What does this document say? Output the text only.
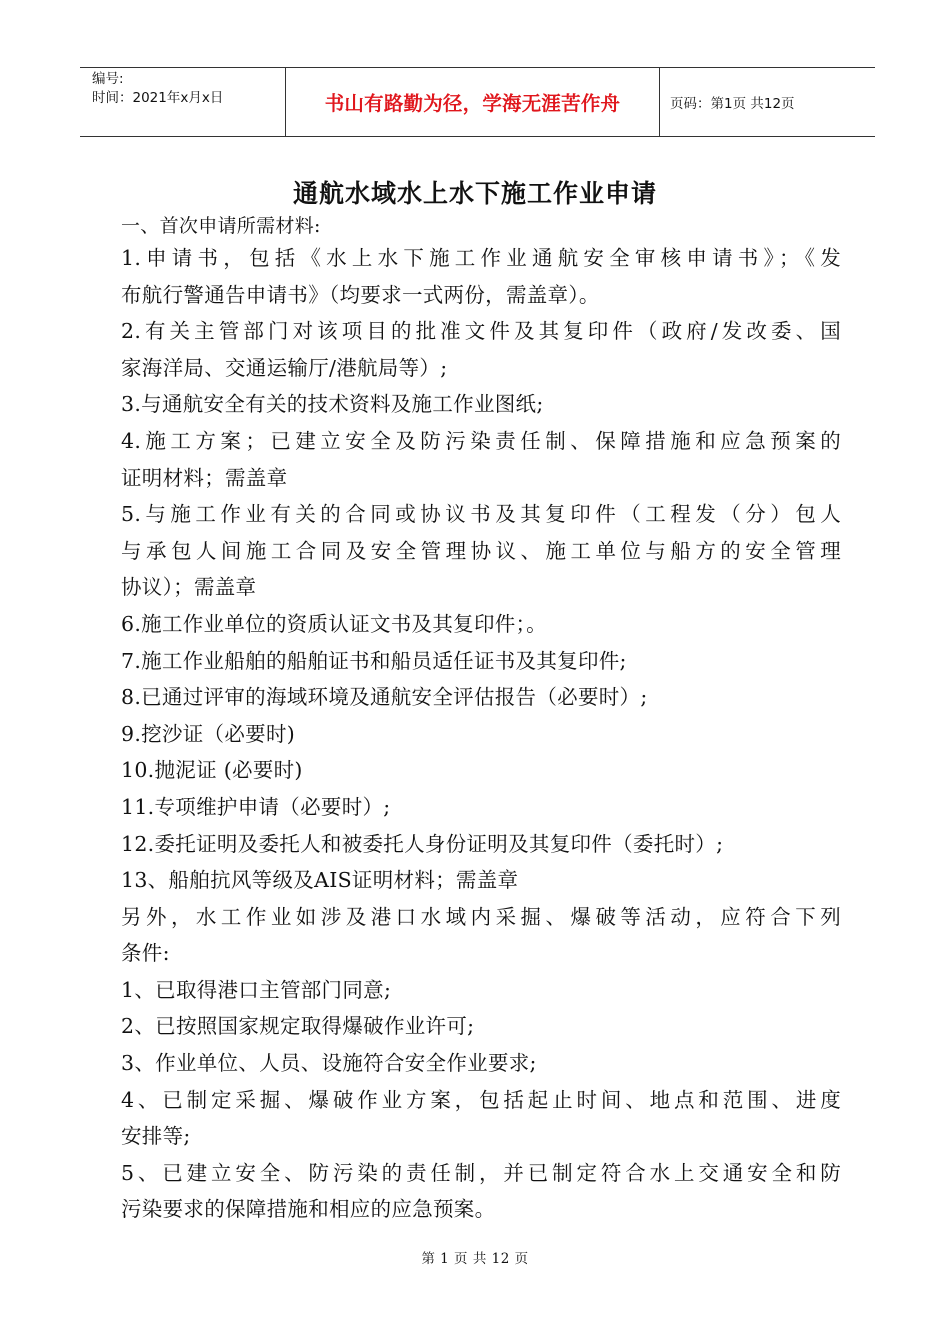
编号:
时间：2021年x月x日	书山有路勤为径，学海无涯苦作舟	页码：第1页 共12页
通航水域水上水下施工作业申请
一、首次申请所需材料:
1.申请书，包括《水上水下施工作业通航安全审核申请书》；《发
布航行警通告申请书》（均要求一式两份，需盖章）。
2.有关主管部门对该项目的批准文件及其复印件（政府/发改委、国
家海洋局、交通运输厅/港航局等）;
3.与通航安全有关的技术资料及施工作业图纸;
4.施工方案；已建立安全及防污染责任制、保障措施和应急预案的
证明材料；需盖章
5.与施工作业有关的合同或协议书及其复印件（工程发（分）包人
与承包人间施工合同及安全管理协议、施工单位与船方的安全管理
协议）；需盖章
6.施工作业单位的资质认证文书及其复印件；。
7.施工作业船舶的船舶证书和船员适任证书及其复印件;
8.已通过评审的海域环境及通航安全评估报告（必要时）;
9.挖沙证（必要时)
10.抛泥证 (必要时)
11.专项维护申请（必要时）;
12.委托证明及委托人和被委托人身份证明及其复印件（委托时）;
13、船舶抗风等级及AIS证明材料；需盖章
另外，水工作业如涉及港口水域内采掘、爆破等活动，应符合下列
条件:
1、已取得港口主管部门同意;
2、已按照国家规定取得爆破作业许可;
3、作业单位、人员、设施符合安全作业要求;
4、已制定采掘、爆破作业方案，包括起止时间、地点和范围、进度
安排等;
5、已建立安全、防污染的责任制，并已制定符合水上交通安全和防
污染要求的保障措施和相应的应急预案。
第 1 页 共 12 页
